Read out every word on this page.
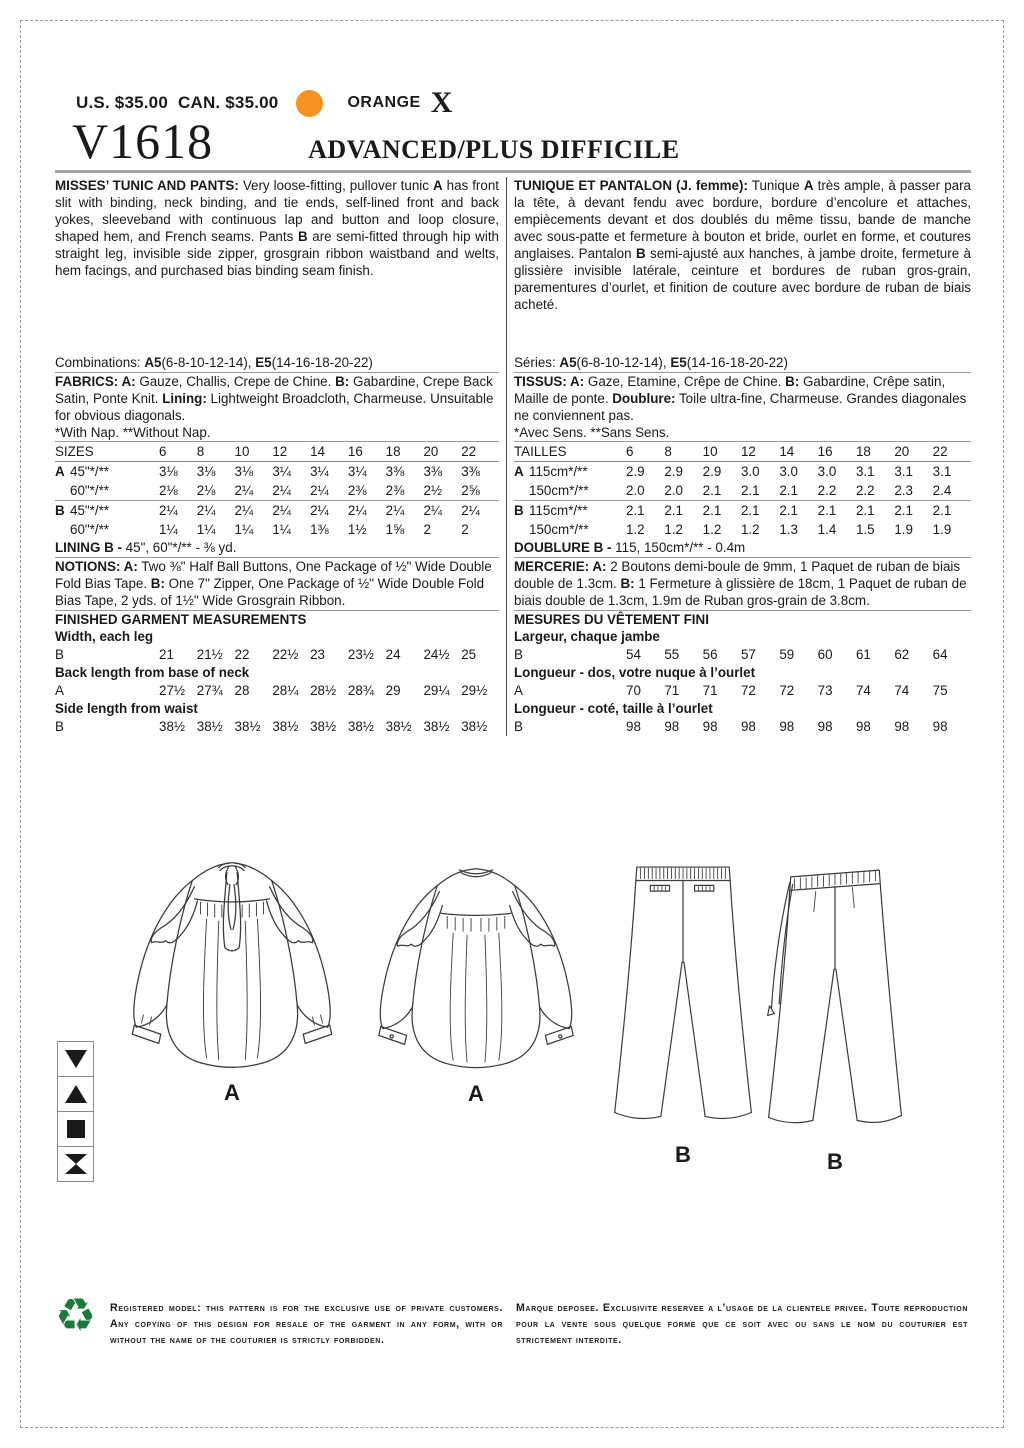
U.S. $35.00 CAN. $35.00	ORANGE X
V1618	ADVANCED/PLUS DIFFICILE

MISSES’ TUNIC AND PANTS: Very loose-fitting, pullover tunic A has front slit with binding, neck binding, and tie ends, self-lined front and back yokes, sleeveband with continuous lap and button and loop closure, shaped hem, and French seams. Pants B are semi-fitted through hip with straight leg, invisible side zipper, grosgrain ribbon waistband and welts, hem facings, and purchased bias binding seam finish.

Combinations: A5(6-8-10-12-14), E5(14-16-18-20-22)

FABRICS: A: Gauze, Challis, Crepe de Chine. B: Gabardine, Crepe Back Satin, Ponte Knit. Lining: Lightweight Broadcloth, Charmeuse. Unsuitable for obvious diagonals.

*With Nap. **Without Nap.

SIZES	6	8	10	12	14	16	18	20	22
A 45"*/**	3⅛	3⅛	3⅛	3¼	3¼	3¼	3⅜	3⅜	3⅜
60"*/**	2⅛	2⅛	2¼	2¼	2¼	2⅜	2⅜	2½	2⅝
B 45"*/**	2¼	2¼	2¼	2¼	2¼	2¼	2¼	2¼	2¼
60"*/**	1¼	1¼	1¼	1¼	1⅜	1½	1⅝	2	2

LINING B - 45", 60"*/** - ⅜ yd.

NOTIONS: A: Two ⅜" Half Ball Buttons, One Package of ½" Wide Double Fold Bias Tape. B: One 7" Zipper, One Package of ½" Wide Double Fold Bias Tape, 2 yds. of 1½" Wide Grosgrain Ribbon.

FINISHED GARMENT MEASUREMENTS

Width, each leg

B	21	21½ 22	22½ 23	23½ 24	24½ 25

Back length from base of neck

A	27½ 27¾ 28	28¼ 28½ 28¾ 29	29¼ 29½

Side length from waist

B	38½ 38½ 38½ 38½ 38½ 38½ 38½ 38½ 38½

TUNIQUE ET PANTALON (J. femme): Tunique A très ample, à passer para la tête, à devant fendu avec bordure, bordure d’encolure et attaches, empiècements devant et dos doublés du même tissu, bande de manche avec sous-patte et fermeture à bouton et bride, ourlet en forme, et coutures anglaises. Pantalon B semi-ajusté aux hanches, à jambe droite, fermeture à glissière invisible latérale, ceinture et bordures de ruban gros-grain, parementures d’ourlet, et finition de couture avec bordure de ruban de biais acheté.

Séries: A5(6-8-10-12-14), E5(14-16-18-20-22)

TISSUS: A: Gaze, Etamine, Crêpe de Chine. B: Gabardine, Crêpe satin, Maille de ponte. Doublure: Toile ultra-fine, Charmeuse. Grandes diagonales ne conviennent pas.

*Avec Sens. **Sans Sens.

TAILLES	6	8	10	12	14	16	18	20	22
A 115cm*/**	2.9	2.9	2.9	3.0	3.0	3.0	3.1	3.1	3.1
150cm*/**	2.0	2.0	2.1	2.1	2.1	2.2	2.2	2.3	2.4
B 115cm*/**	2.1	2.1	2.1	2.1	2.1	2.1	2.1	2.1	2.1
150cm*/**	1.2	1.2	1.2	1.2	1.3	1.4	1.5	1.9	1.9

DOUBLURE B - 115, 150cm*/** - 0.4m

MERCERIE: A: 2 Boutons demi-boule de 9mm, 1 Paquet de ruban de biais double de 1.3cm. B: 1 Fermeture à glissière de 18cm, 1 Paquet de ruban de biais double de 1.3cm, 1.9m de Ruban gros-grain de 3.8cm.

MESURES DU VÊTEMENT FINI

Largeur, chaque jambe

B	54	55	56	57	59	60	61	62	64

Longueur - dos, votre nuque à l’ourlet

A	70	71	71	72	72	73	74	74	75

Longueur - coté, taille à l’ourlet

B	98	98	98	98	98	98	98	98	98
A	A
B	B
♻ Registered model: this pattern is for the exclusive use of private customers. Any copying of this design for resale of the garment in any form, with or without the name of the couturier is strictly forbidden.
Marque deposee. Exclusivite reservee a l’usage de la clientele privee. Toute reproduction pour la vente sous quelque forme que ce soit avec ou sans le nom du couturier est strictement interdite.
